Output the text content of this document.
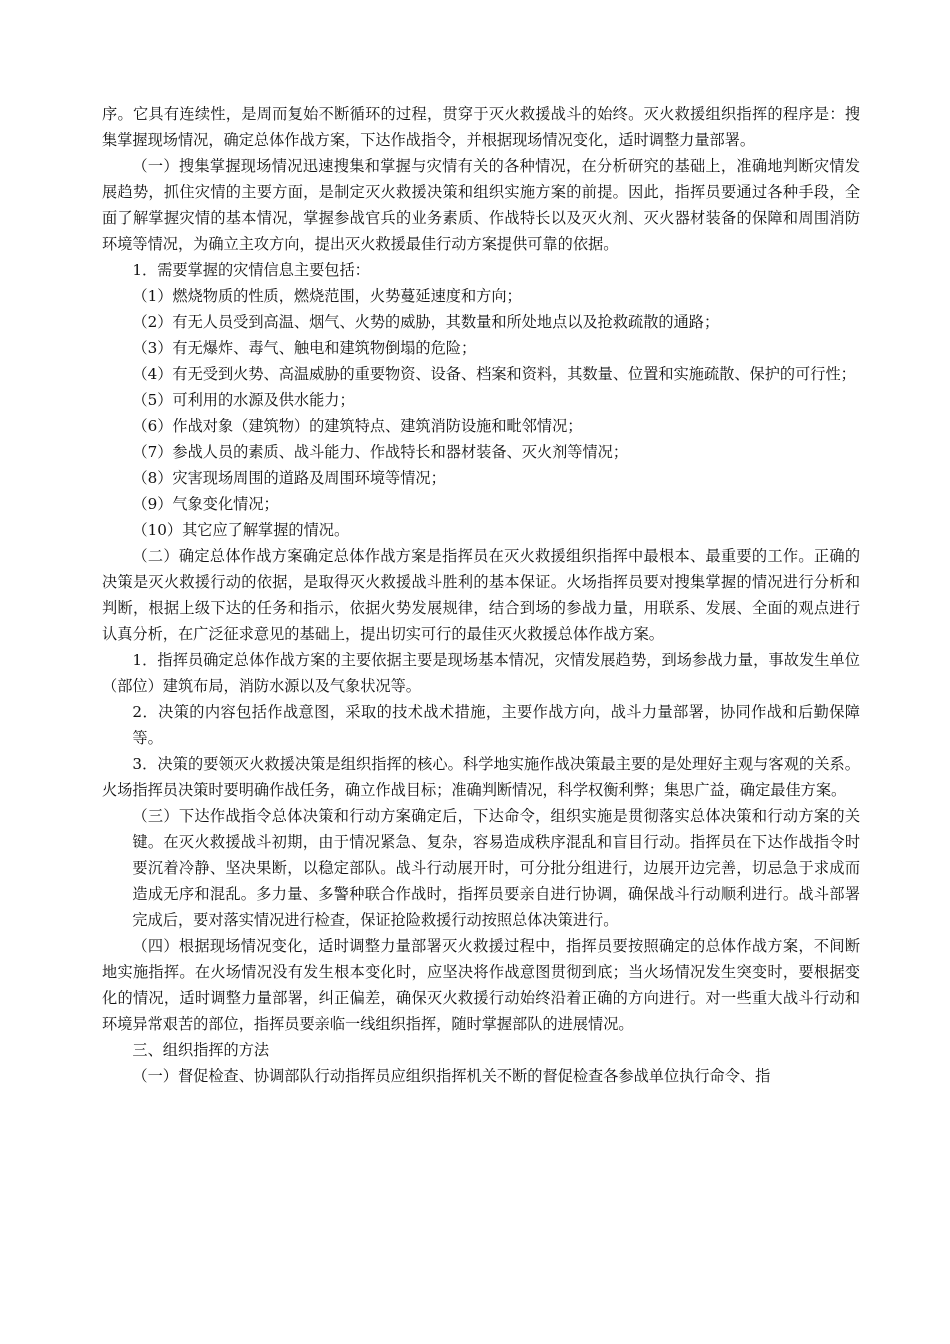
序。它具有连续性，是周而复始不断循环的过程，贯穿于灭火救援战斗的始终。灭火救援组织指挥的程序是：搜集掌握现场情况，确定总体作战方案，下达作战指令，并根据现场情况变化，适时调整力量部署。

（一）搜集掌握现场情况迅速搜集和掌握与灾情有关的各种情况，在分析研究的基础上，准确地判断灾情发展趋势，抓住灾情的主要方面，是制定灭火救援决策和组织实施方案的前提。因此，指挥员要通过各种手段，全面了解掌握灾情的基本情况，掌握参战官兵的业务素质、作战特长以及灭火剂、灭火器材装备的保障和周围消防环境等情况，为确立主攻方向，提出灭火救援最佳行动方案提供可靠的依据。

1．需要掌握的灾情信息主要包括：

（1）燃烧物质的性质，燃烧范围，火势蔓延速度和方向；

（2）有无人员受到高温、烟气、火势的威胁，其数量和所处地点以及抢救疏散的通路；

（3）有无爆炸、毒气、触电和建筑物倒塌的危险；

（4）有无受到火势、高温威胁的重要物资、设备、档案和资料，其数量、位置和实施疏散、保护的可行性；

（5）可利用的水源及供水能力；

（6）作战对象（建筑物）的建筑特点、建筑消防设施和毗邻情况；

（7）参战人员的素质、战斗能力、作战特长和器材装备、灭火剂等情况；

（8）灾害现场周围的道路及周围环境等情况；

（9）气象变化情况；

（10）其它应了解掌握的情况。

（二）确定总体作战方案确定总体作战方案是指挥员在灭火救援组织指挥中最根本、最重要的工作。正确的决策是灭火救援行动的依据，是取得灭火救援战斗胜利的基本保证。火场指挥员要对搜集掌握的情况进行分析和判断，根据上级下达的任务和指示，依据火势发展规律，结合到场的参战力量，用联系、发展、全面的观点进行认真分析，在广泛征求意见的基础上，提出切实可行的最佳灭火救援总体作战方案。

1．指挥员确定总体作战方案的主要依据主要是现场基本情况，灾情发展趋势，到场参战力量，事故发生单位（部位）建筑布局，消防水源以及气象状况等。

2．决策的内容包括作战意图，采取的技术战术措施，主要作战方向，战斗力量部署，协同作战和后勤保障等。

3．决策的要领灭火救援决策是组织指挥的核心。科学地实施作战决策最主要的是处理好主观与客观的关系。火场指挥员决策时要明确作战任务，确立作战目标；准确判断情况，科学权衡利弊；集思广益，确定最佳方案。

（三）下达作战指令总体决策和行动方案确定后，下达命令，组织实施是贯彻落实总体决策和行动方案的关键。在灭火救援战斗初期，由于情况紧急、复杂，容易造成秩序混乱和盲目行动。指挥员在下达作战指令时要沉着冷静、坚决果断，以稳定部队。战斗行动展开时，可分批分组进行，边展开边完善，切忌急于求成而造成无序和混乱。多力量、多警种联合作战时，指挥员要亲自进行协调，确保战斗行动顺利进行。战斗部署完成后，要对落实情况进行检查，保证抢险救援行动按照总体决策进行。

（四）根据现场情况变化，适时调整力量部署灭火救援过程中，指挥员要按照确定的总体作战方案，不间断地实施指挥。在火场情况没有发生根本变化时，应坚决将作战意图贯彻到底；当火场情况发生突变时，要根据变化的情况，适时调整力量部署，纠正偏差，确保灭火救援行动始终沿着正确的方向进行。对一些重大战斗行动和环境异常艰苦的部位，指挥员要亲临一线组织指挥，随时掌握部队的进展情况。

三、组织指挥的方法

（一）督促检查、协调部队行动指挥员应组织指挥机关不断的督促检查各参战单位执行命令、指
